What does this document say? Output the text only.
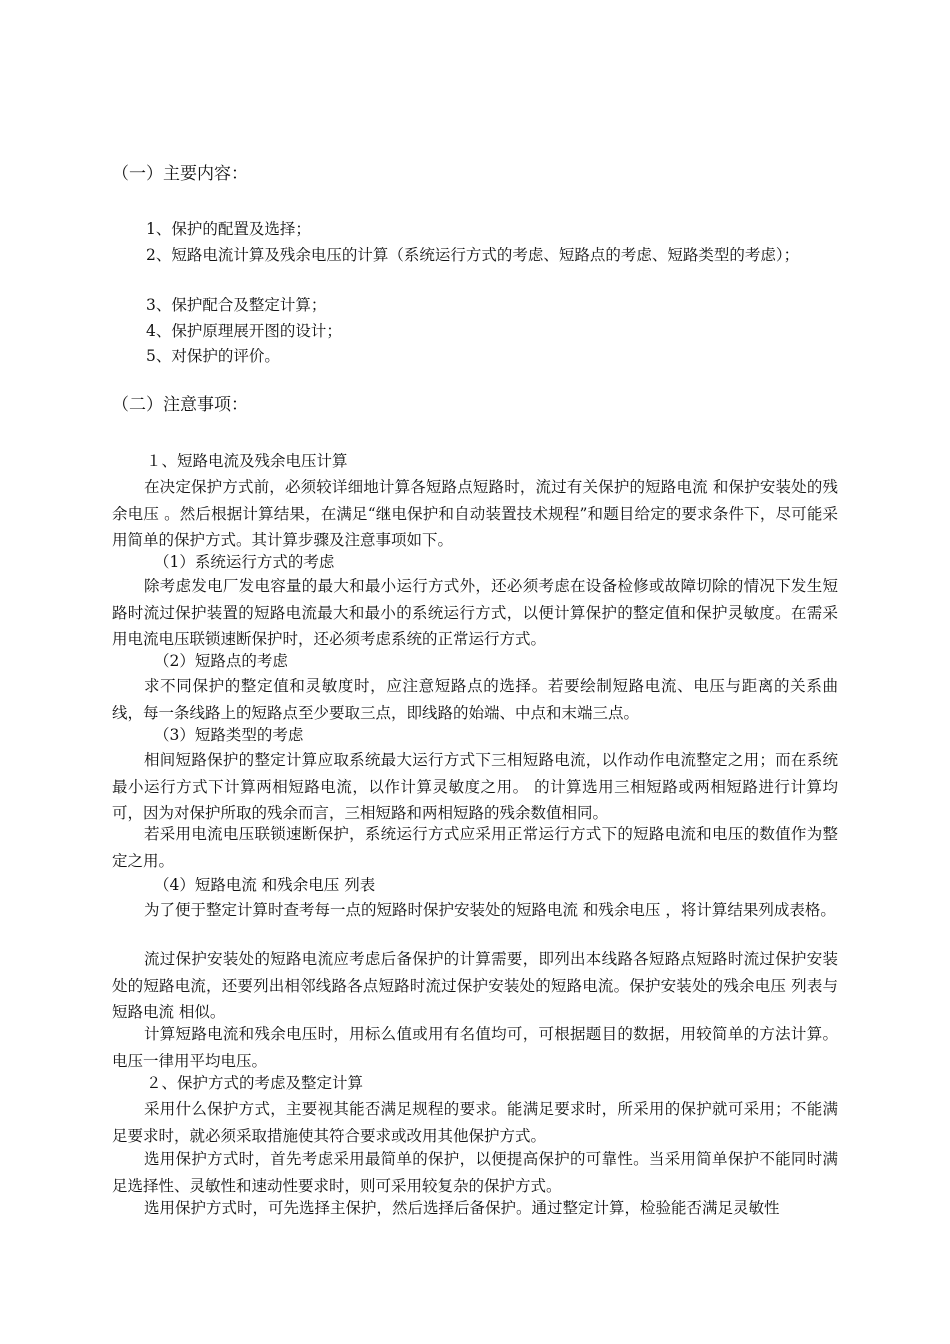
（一）主要内容：

1、保护的配置及选择；

2、短路电流计算及残余电压的计算（系统运行方式的考虑、短路点的考虑、短路类型的考虑）；

3、保护配合及整定计算；

4、保护原理展开图的设计；

5、对保护的评价。

（二）注意事项：

１、短路电流及残余电压计算

在决定保护方式前，必须较详细地计算各短路点短路时，流过有关保护的短路电流 和保护安装处的残余电压 。然后根据计算结果，在满足“继电保护和自动装置技术规程”和题目给定的要求条件下，尽可能采用简单的保护方式。其计算步骤及注意事项如下。

（1）系统运行方式的考虑

除考虑发电厂发电容量的最大和最小运行方式外，还必须考虑在设备检修或故障切除的情况下发生短路时流过保护装置的短路电流最大和最小的系统运行方式，以便计算保护的整定值和保护灵敏度。在需采用电流电压联锁速断保护时，还必须考虑系统的正常运行方式。

（2）短路点的考虑

求不同保护的整定值和灵敏度时，应注意短路点的选择。若要绘制短路电流、电压与距离的关系曲线，每一条线路上的短路点至少要取三点，即线路的始端、中点和末端三点。

（3）短路类型的考虑

相间短路保护的整定计算应取系统最大运行方式下三相短路电流，以作动作电流整定之用；而在系统最小运行方式下计算两相短路电流，以作计算灵敏度之用。 的计算选用三相短路或两相短路进行计算均可，因为对保护所取的残余而言，三相短路和两相短路的残余数值相同。

若采用电流电压联锁速断保护，系统运行方式应采用正常运行方式下的短路电流和电压的数值作为整定之用。

（4）短路电流 和残余电压 列表

为了便于整定计算时查考每一点的短路时保护安装处的短路电流 和残余电压 ，将计算结果列成表格。

流过保护安装处的短路电流应考虑后备保护的计算需要，即列出本线路各短路点短路时流过保护安装处的短路电流，还要列出相邻线路各点短路时流过保护安装处的短路电流。保护安装处的残余电压 列表与短路电流 相似。

计算短路电流和残余电压时，用标么值或用有名值均可，可根据题目的数据，用较简单的方法计算。电压一律用平均电压。

２、保护方式的考虑及整定计算

采用什么保护方式，主要视其能否满足规程的要求。能满足要求时，所采用的保护就可采用；不能满足要求时，就必须采取措施使其符合要求或改用其他保护方式。

选用保护方式时，首先考虑采用最简单的保护，以便提高保护的可靠性。当采用简单保护不能同时满足选择性、灵敏性和速动性要求时，则可采用较复杂的保护方式。

选用保护方式时，可先选择主保护，然后选择后备保护。通过整定计算，检验能否满足灵敏性
